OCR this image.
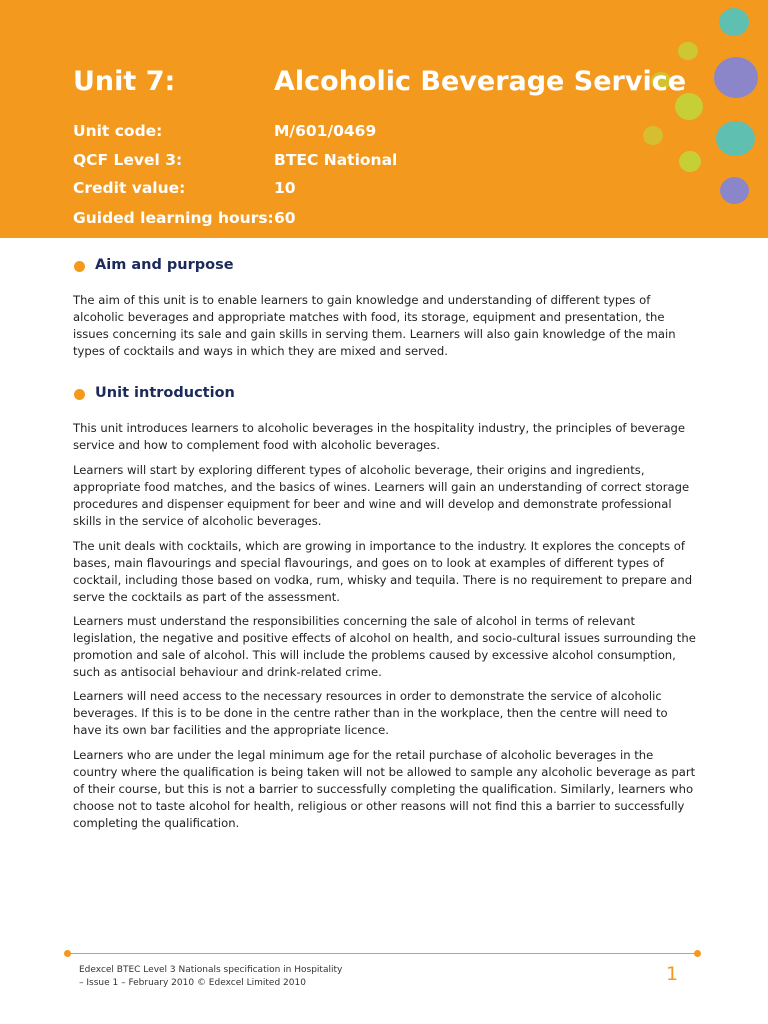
Unit 7:	Alcoholic Beverage Service
Unit code:	M/601/0469
QCF Level 3:	BTEC National
Credit value:	10
Guided learning hours: 60
Aim and purpose

The aim of this unit is to enable learners to gain knowledge and understanding of different types of alcoholic beverages and appropriate matches with food, its storage, equipment and presentation, the issues concerning its sale and gain skills in serving them. Learners will also gain knowledge of the main types of cocktails and ways in which they are mixed and served.

Unit introduction

This unit introduces learners to alcoholic beverages in the hospitality industry, the principles of beverage service and how to complement food with alcoholic beverages.

Learners will start by exploring different types of alcoholic beverage, their origins and ingredients, appropriate food matches, and the basics of wines. Learners will gain an understanding of correct storage procedures and dispenser equipment for beer and wine and will develop and demonstrate professional skills in the service of alcoholic beverages.

The unit deals with cocktails, which are growing in importance to the industry. It explores the concepts of bases, main flavourings and special flavourings, and goes on to look at examples of different types of cocktail, including those based on vodka, rum, whisky and tequila. There is no requirement to prepare and serve the cocktails as part of the assessment.

Learners must understand the responsibilities concerning the sale of alcohol in terms of relevant legislation, the negative and positive effects of alcohol on health, and socio-cultural issues surrounding the promotion and sale of alcohol. This will include the problems caused by excessive alcohol consumption, such as antisocial behaviour and drink-related crime.

Learners will need access to the necessary resources in order to demonstrate the service of alcoholic beverages. If this is to be done in the centre rather than in the workplace, then the centre will need to have its own bar facilities and the appropriate licence.

Learners who are under the legal minimum age for the retail purchase of alcoholic beverages in the country where the qualification is being taken will not be allowed to sample any alcoholic beverage as part of their course, but this is not a barrier to successfully completing the qualification. Similarly, learners who choose not to taste alcohol for health, religious or other reasons will not find this a barrier to successfully completing the qualification.

Edexcel BTEC Level 3 Nationals specification in Hospitality
– Issue 1 – February 2010 © Edexcel Limited 2010	1
